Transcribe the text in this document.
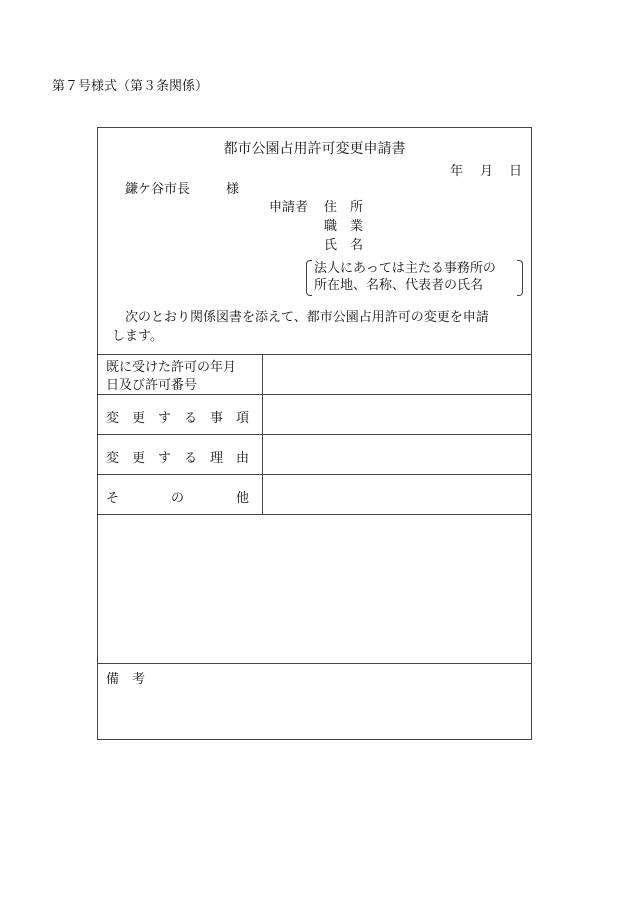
第７号様式（第３条関係）
都市公園占用許可変更申請書
年 月 日
鎌ケ谷市長	様
申請者 住　所
職　業
氏　名
法人にあっては主たる事務所の
所在地、名称、代表者の氏名
次のとおり関係図書を添えて、都市公園占用許可の変更を申請
します。
既に受けた許可の年月
日及び許可番号
変　更　す　る　事　項
変　更　す　る　理　由
そ　　　　の　　　　他
備　考
